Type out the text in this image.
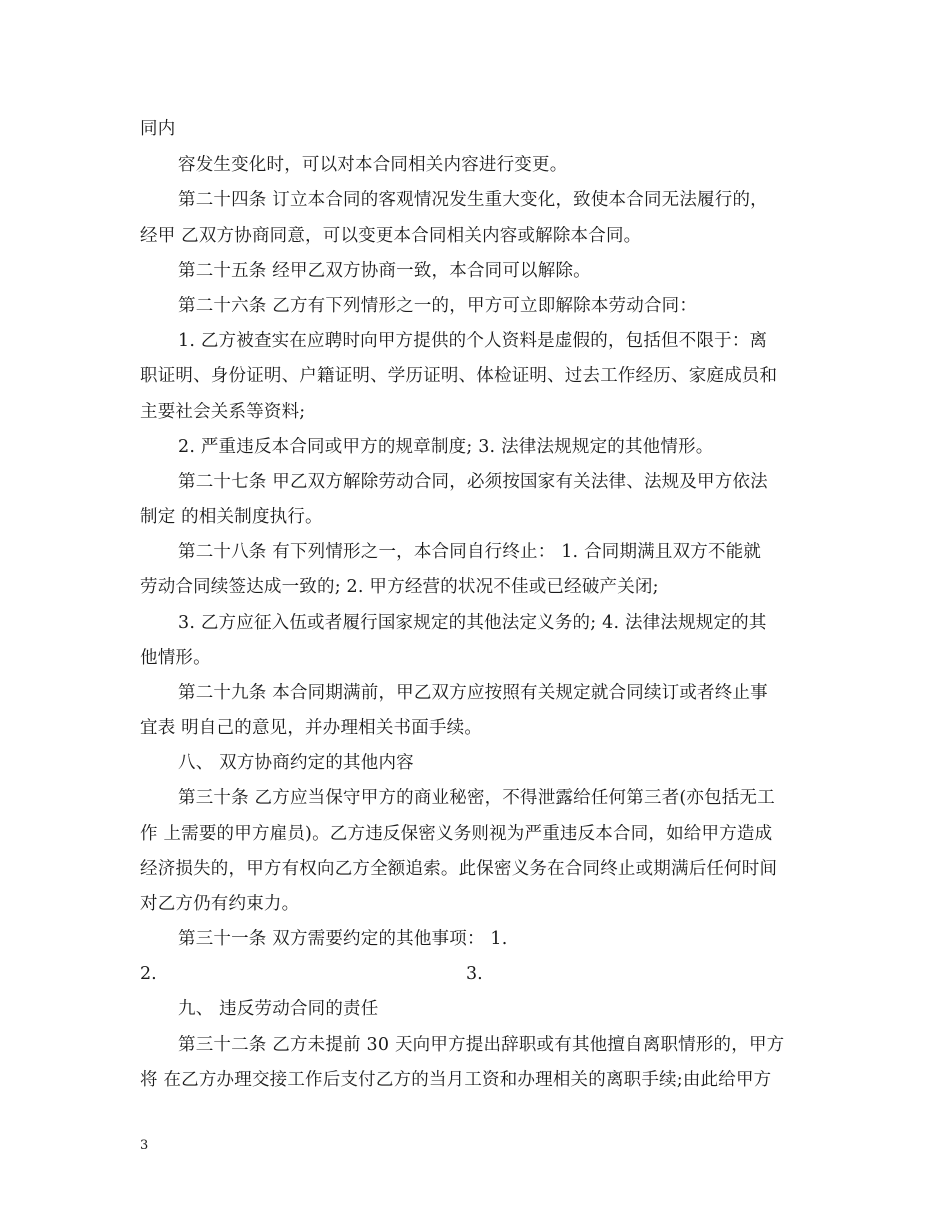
同内
容发生变化时，可以对本合同相关内容进行变更。
第二十四条 订立本合同的客观情况发生重大变化，致使本合同无法履行的，
经甲 乙双方协商同意，可以变更本合同相关内容或解除本合同。
第二十五条 经甲乙双方协商一致，本合同可以解除。
第二十六条 乙方有下列情形之一的，甲方可立即解除本劳动合同：
1. 乙方被查实在应聘时向甲方提供的个人资料是虚假的，包括但不限于：离
职证明、身份证明、户籍证明、学历证明、体检证明、过去工作经历、家庭成员和
主要社会关系等资料;
2. 严重违反本合同或甲方的规章制度; 3. 法律法规规定的其他情形。
第二十七条 甲乙双方解除劳动合同，必须按国家有关法律、法规及甲方依法
制定 的相关制度执行。
第二十八条 有下列情形之一，本合同自行终止： 1. 合同期满且双方不能就
劳动合同续签达成一致的; 2. 甲方经营的状况不佳或已经破产关闭;
3. 乙方应征入伍或者履行国家规定的其他法定义务的; 4. 法律法规规定的其
他情形。
第二十九条 本合同期满前，甲乙双方应按照有关规定就合同续订或者终止事
宜表 明自己的意见，并办理相关书面手续。
八、 双方协商约定的其他内容
第三十条 乙方应当保守甲方的商业秘密，不得泄露给任何第三者(亦包括无工
作 上需要的甲方雇员)。乙方违反保密义务则视为严重违反本合同，如给甲方造成
经济损失的，甲方有权向乙方全额追索。此保密义务在合同终止或期满后任何时间
对乙方仍有约束力。
第三十一条 双方需要约定的其他事项： 1.
2.	3.
九、 违反劳动合同的责任
第三十二条 乙方未提前 30 天向甲方提出辞职或有其他擅自离职情形的，甲方
将 在乙方办理交接工作后支付乙方的当月工资和办理相关的离职手续;由此给甲方
3
